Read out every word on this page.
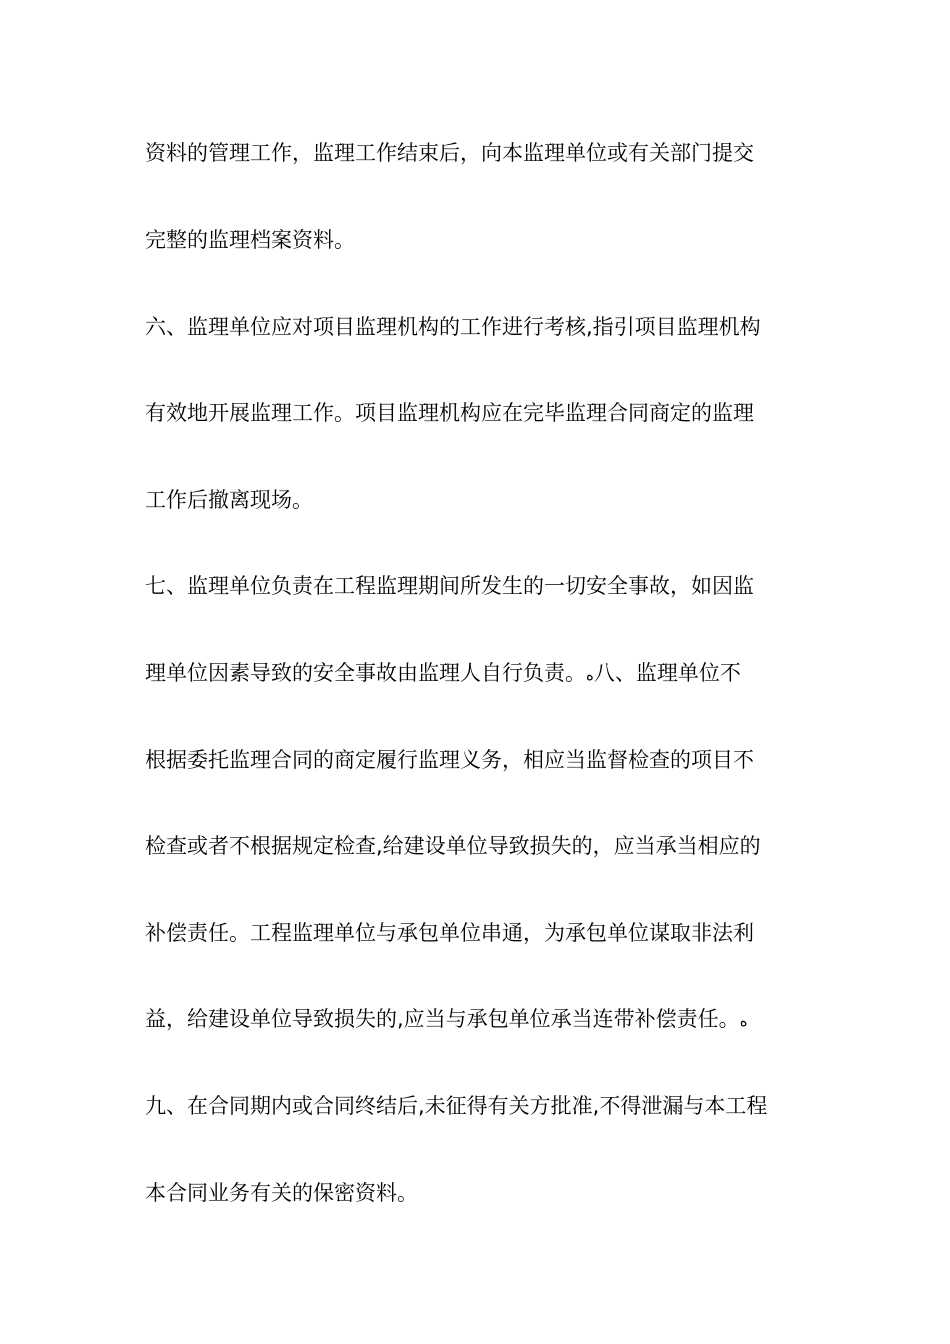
资料的管理工作，监理工作结束后，向本监理单位或有关部门提交
完整的监理档案资料。
六、监理单位应对项目监理机构的工作进行考核,指引项目监理机构
有效地开展监理工作。项目监理机构应在完毕监理合同商定的监理
工作后撤离现场。
七、监理单位负责在工程监理期间所发生的一切安全事故，如因监
理单位因素导致的安全事故由监理人自行负责。ﻩ八、监理单位不
根据委托监理合同的商定履行监理义务，相应当监督检查的项目不
检查或者不根据规定检查,给建设单位导致损失的，应当承当相应的
补偿责任。工程监理单位与承包单位串通，为承包单位谋取非法利
益，给建设单位导致损失的,应当与承包单位承当连带补偿责任。ﻩ
九、在合同期内或合同终结后,未征得有关方批准,不得泄漏与本工程
本合同业务有关的保密资料。
